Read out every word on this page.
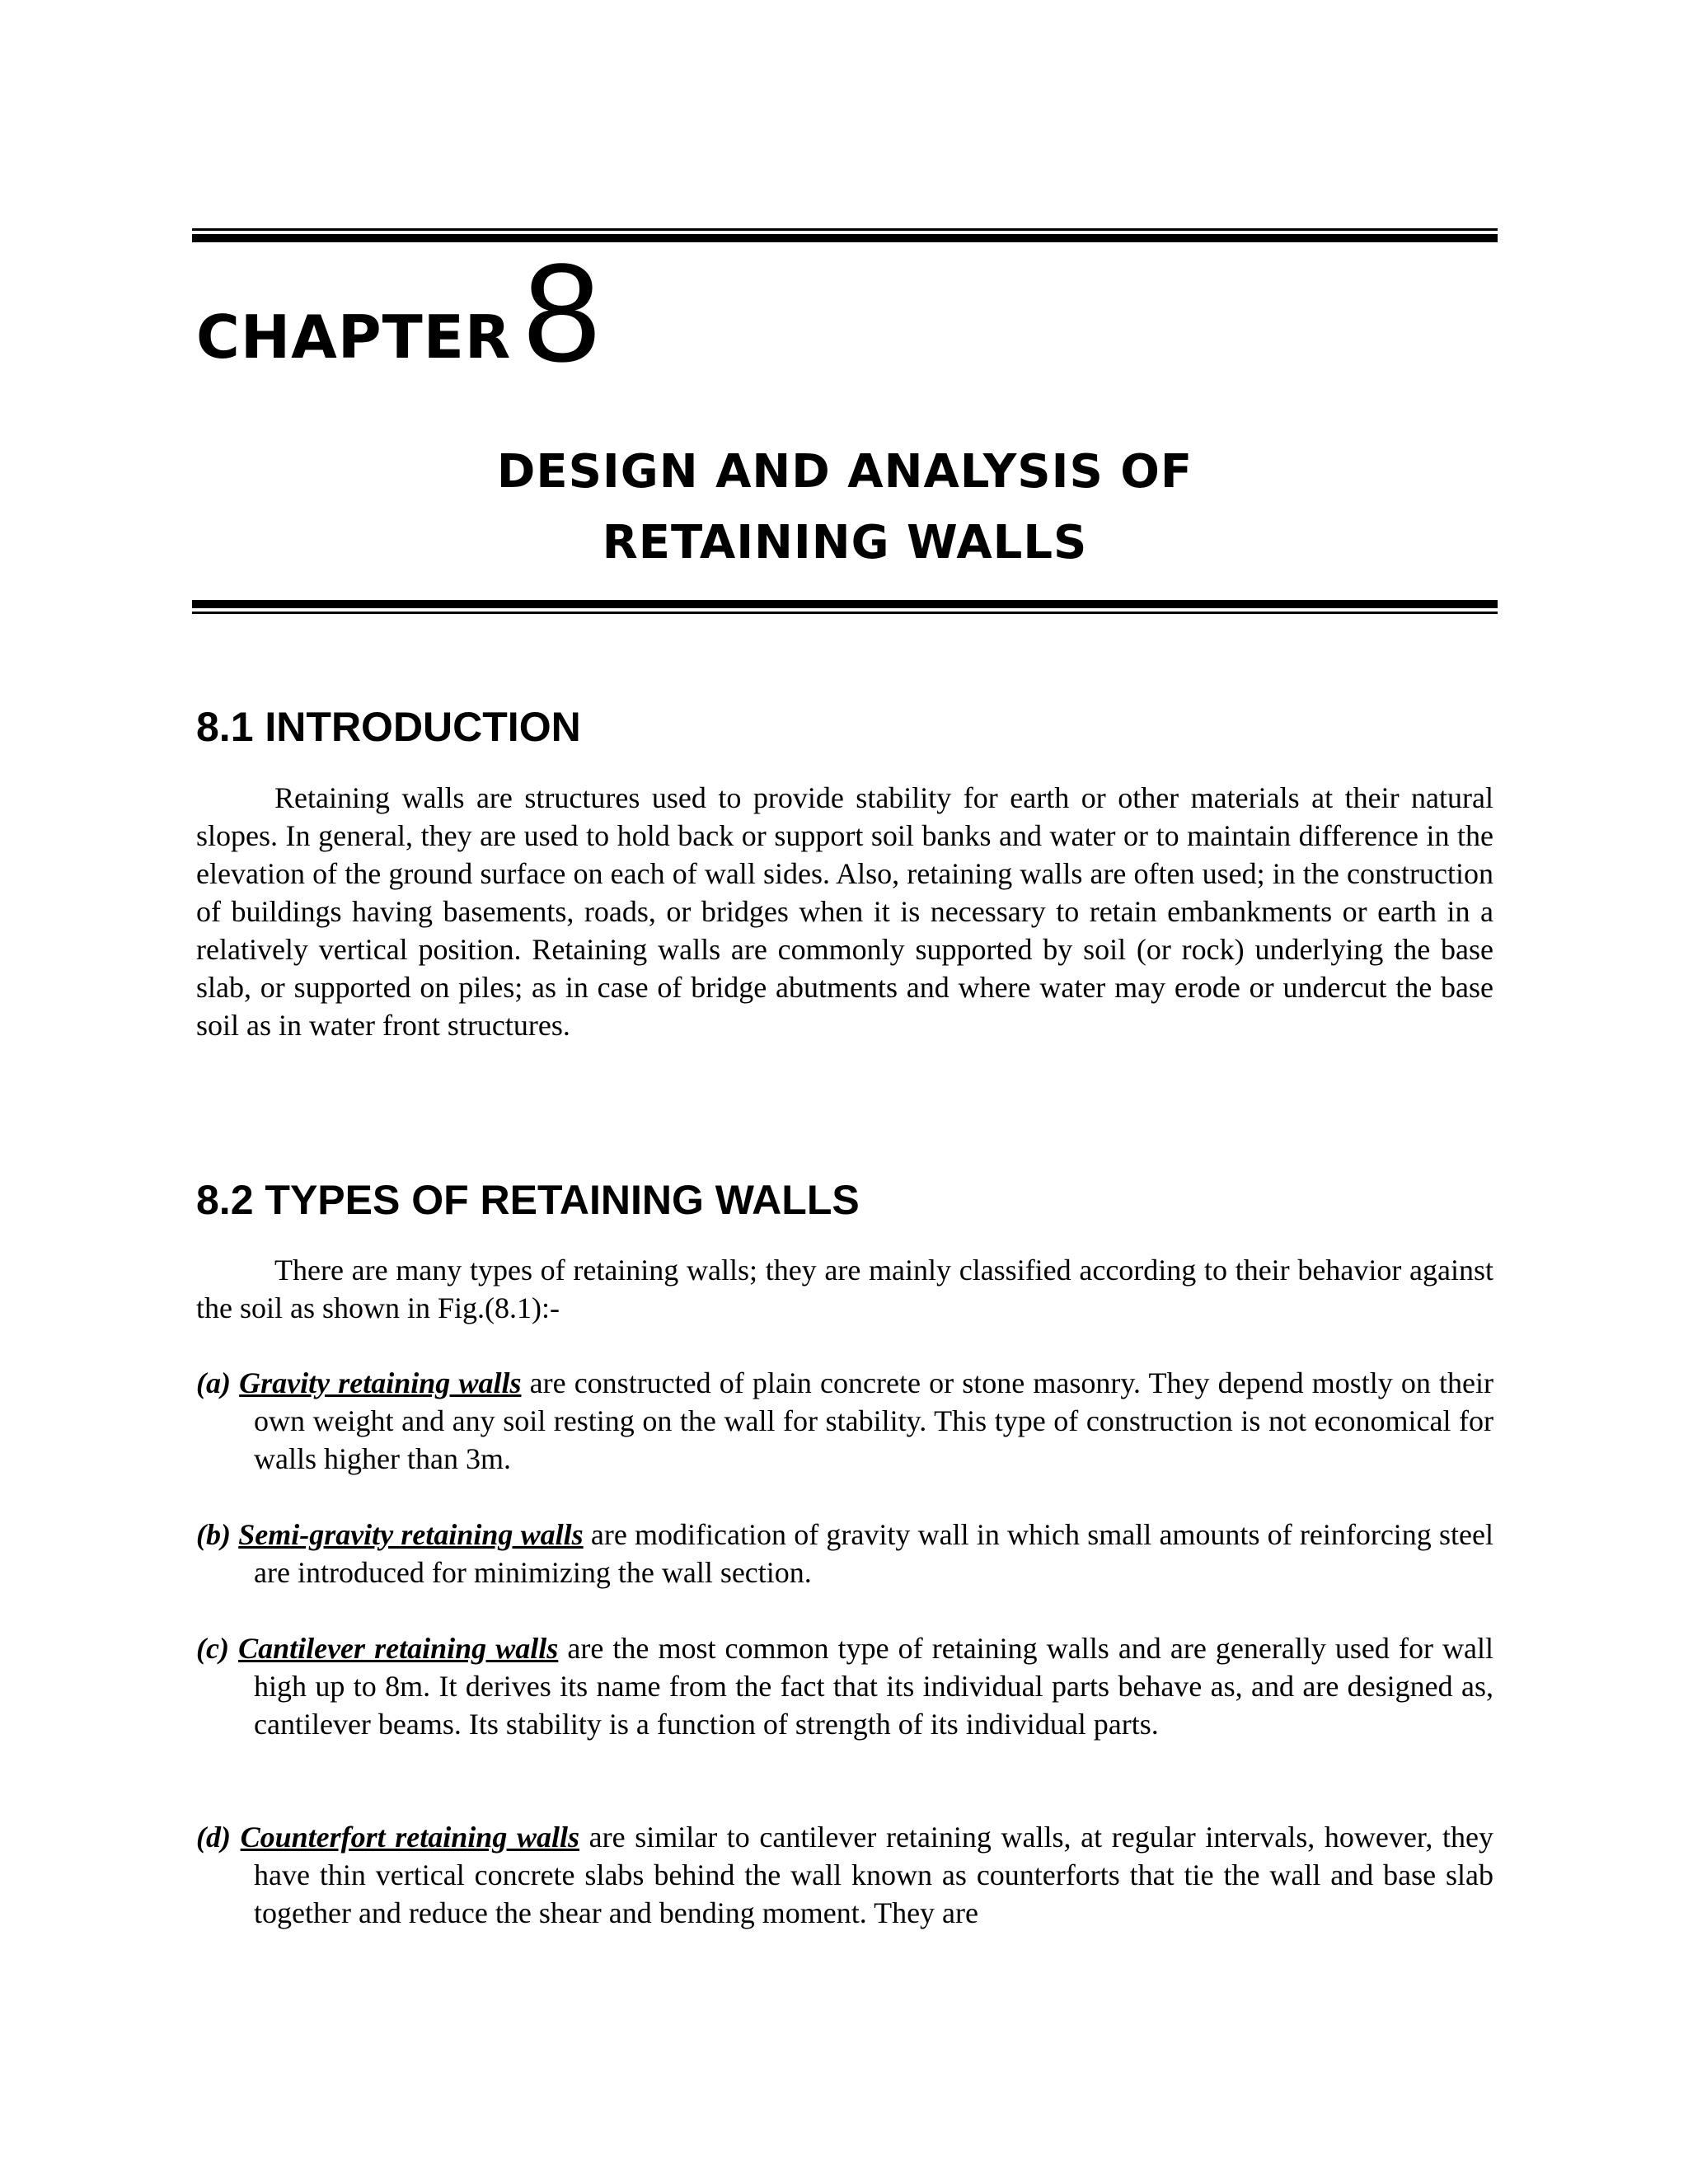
CHAPTER8
DESIGN AND ANALYSIS OF
RETAINING WALLS
8.1 INTRODUCTION

Retaining walls are structures used to provide stability for earth or other materials at their natural slopes. In general, they are used to hold back or support soil banks and water or to maintain difference in the elevation of the ground surface on each of wall sides. Also, retaining walls are often used; in the construction of buildings having basements, roads, or bridges when it is necessary to retain embankments or earth in a relatively vertical position. Retaining walls are commonly supported by soil (or rock) underlying the base slab, or supported on piles; as in case of bridge abutments and where water may erode or undercut the base soil as in water front structures.

8.2 TYPES OF RETAINING WALLS

There are many types of retaining walls; they are mainly classified according to their behavior against the soil as shown in Fig.(8.1):-

(a) Gravity retaining walls are constructed of plain concrete or stone masonry. They depend mostly on their own weight and any soil resting on the wall for stability. This type of construction is not economical for walls higher than 3m.

(b) Semi-gravity retaining walls are modification of gravity wall in which small amounts of reinforcing steel are introduced for minimizing the wall section.

(c) Cantilever retaining walls are the most common type of retaining walls and are generally used for wall high up to 8m. It derives its name from the fact that its individual parts behave as, and are designed as, cantilever beams. Its stability is a function of strength of its individual parts.

(d) Counterfort retaining walls are similar to cantilever retaining walls, at regular intervals, however, they have thin vertical concrete slabs behind the wall known as counterforts that tie the wall and base slab together and reduce the shear and bending moment. They are
